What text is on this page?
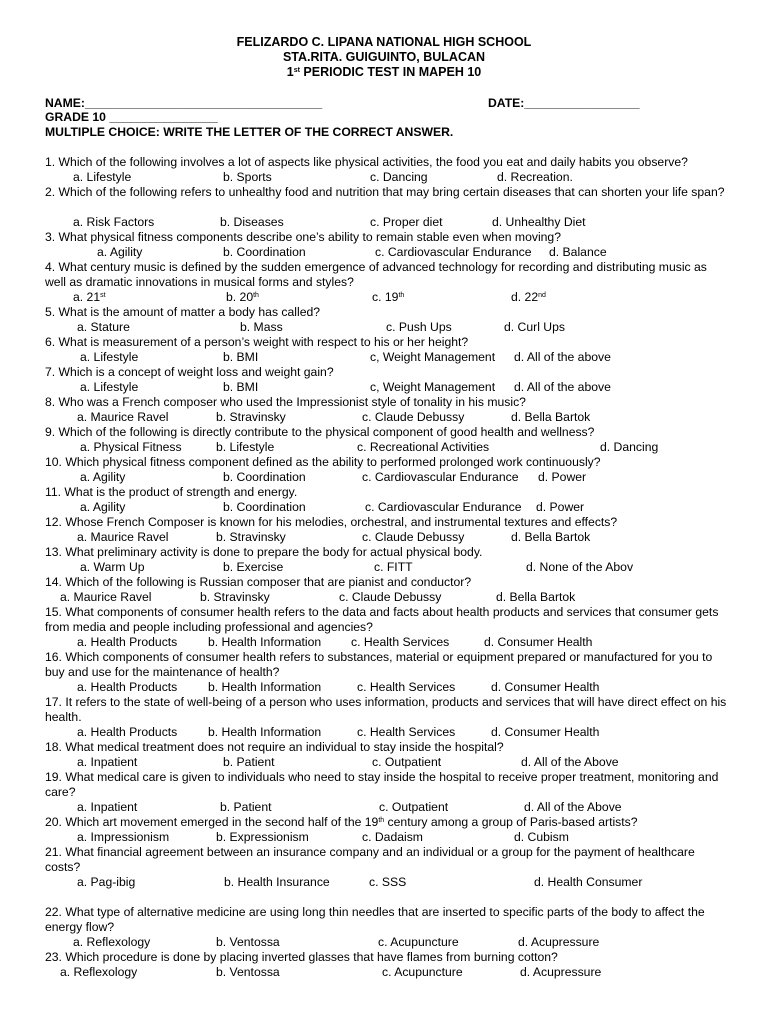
FELIZARDO C. LIPANA NATIONAL HIGH SCHOOL
STA.RITA. GUIGUINTO, BULACAN
1st PERIODIC TEST IN MAPEH 10
NAME:___________________________________	DATE:_________________
GRADE 10 ________________
MULTIPLE CHOICE: WRITE THE LETTER OF THE CORRECT ANSWER.
1. Which of the following involves a lot of aspects like physical activities, the food you eat and daily habits you observe?
a. Lifestyle	b. Sports	c. Dancing	d. Recreation.
2. Which of the following refers to unhealthy food and nutrition that may bring certain diseases that can shorten your life span?
a. Risk Factors	b. Diseases	c. Proper diet	d. Unhealthy Diet
3. What physical fitness components describe one’s ability to remain stable even when moving?
a. Agility	b. Coordination	c. Cardiovascular Endurance d. Balance
4. What century music is defined by the sudden emergence of advanced technology for recording and distributing music as well as dramatic innovations in musical forms and styles?
a. 21st	b. 20th	c. 19th	d. 22nd
5. What is the amount of matter a body has called?
a. Stature	b. Mass	c. Push Ups	d. Curl Ups
6. What is measurement of a person’s weight with respect to his or her height?
a. Lifestyle	b. BMI	c, Weight Management d. All of the above
7. Which is a concept of weight loss and weight gain?
a. Lifestyle	b. BMI	c, Weight Management d. All of the above
8. Who was a French composer who used the Impressionist style of tonality in his music?
a. Maurice Ravel	b. Stravinsky	c. Claude Debussy	d. Bella Bartok
9. Which of the following is directly contribute to the physical component of good health and wellness?
a. Physical Fitness	b. Lifestyle	c. Recreational Activities	d. Dancing
10. Which physical fitness component defined as the ability to performed prolonged work continuously?
a. Agility	b. Coordination	c. Cardiovascular Endurance d. Power
11. What is the product of strength and energy.
a. Agility	b. Coordination	c. Cardiovascular Endurance d. Power
12. Whose French Composer is known for his melodies, orchestral, and instrumental textures and effects?
a. Maurice Ravel	b. Stravinsky	c. Claude Debussy	d. Bella Bartok
13. What preliminary activity is done to prepare the body for actual physical body.
a. Warm Up	b. Exercise	c. FITT	d. None of the Abov
14. Which of the following is Russian composer that are pianist and conductor?
a. Maurice Ravel	b. Stravinsky	c. Claude Debussy	d. Bella Bartok
15. What components of consumer health refers to the data and facts about health products and services that consumer gets from media and people including professional and agencies?
a. Health Products	b. Health Information c. Health Services	d. Consumer Health
16. Which components of consumer health refers to substances, material or equipment prepared or manufactured for you to buy and use for the maintenance of health?
a. Health Products	b. Health Information	c. Health Services	d. Consumer Health
17. It refers to the state of well-being of a person who uses information, products and services that will have direct effect on his health.
a. Health Products	b. Health Information	c. Health Services	d. Consumer Health
18. What medical treatment does not require an individual to stay inside the hospital?
a. Inpatient	b. Patient	c. Outpatient	d. All of the Above
19. What medical care is given to individuals who need to stay inside the hospital to receive proper treatment, monitoring and care?
a. Inpatient	b. Patient	c. Outpatient	d. All of the Above
20. Which art movement emerged in the second half of the 19th century among a group of Paris-based artists?
a. Impressionism	b. Expressionism	c. Dadaism	d. Cubism
21. What financial agreement between an insurance company and an individual or a group for the payment of healthcare costs?
a. Pag-ibig	b. Health Insurance	c. SSS	d. Health Consumer
22. What type of alternative medicine are using long thin needles that are inserted to specific parts of the body to affect the energy flow?
a. Reflexology	b. Ventossa	c. Acupuncture	d. Acupressure
23. Which procedure is done by placing inverted glasses that have flames from burning cotton?
a. Reflexology	b. Ventossa	c. Acupuncture	d. Acupressure
